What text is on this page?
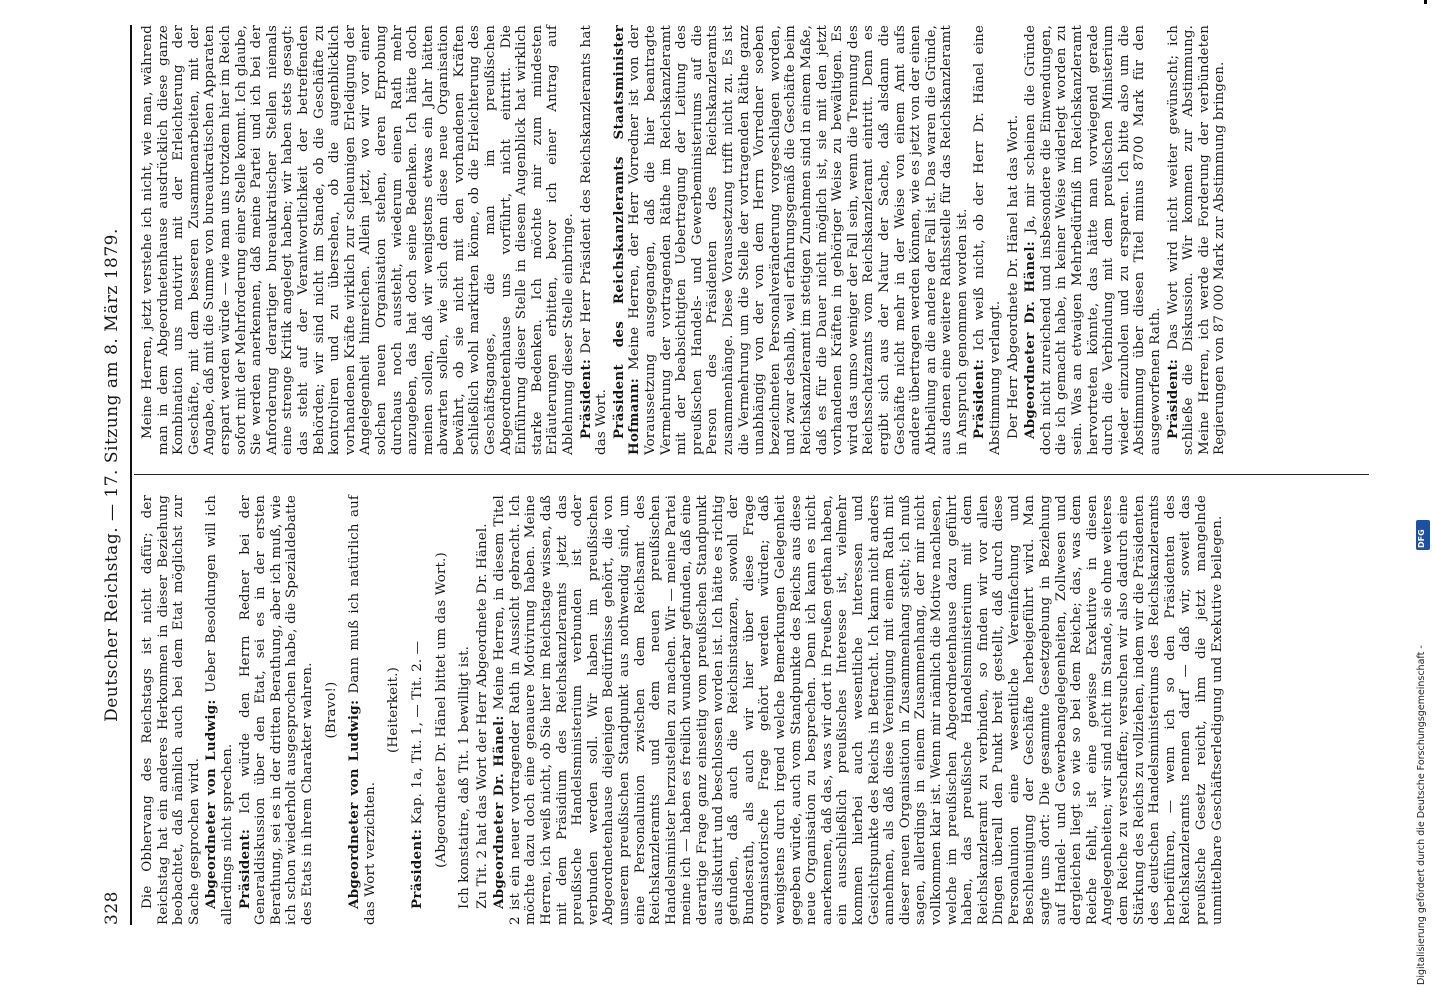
328
Deutscher Reichstag. — 17. Sitzung am 8. März 1879. Die Obhervang des Reichstags ist nicht dafür; der Reichstag hat ein anderes Herkommen in dieser Beziehung beobachtet, daß nämlich auch bei dem Etat möglichst zur Sache gesprochen wird. Abgeordneter von Ludwig: Ueber Besoldungen will ich allerdings nicht sprechen. Präsident: Ich würde den Herrn Redner bei der Generaldiskussion über den Etat, sei es in der ersten Berathung, sei es in der dritten Berathung, aber ich muß, wie ich schon wiederholt ausgesprochen habe, die Spezialdebatte des Etats in ihrem Charakter wahren. (Bravo!) Abgeordneter von Ludwig: Dann muß ich natürlich auf das Wort verzichten.

(Heiterkeit.)

Präsident: Kap. 1a, Tit. 1, — Tit. 2. — (Abgeordneter Dr. Hänel bittet um das Wort.) Ich konstatire, daß Tit. 1 bewilligt ist. Zu Tit. 2 hat das Wort der Herr Abgeordnete Dr. Hänel. Abgeordneter Dr. Hänel: Meine Herren, in diesem Titel 2 ist ein neuer vortragender Rath in Aussicht gebracht. Ich möchte dazu doch eine genauere Motivirung haben. Meine Herren, ich weiß nicht, ob Sie hier im Reichstage wissen, daß mit dem Präsidium des Reichskanzleramts jetzt das preußische Handelsministerium verbunden ist oder verbunden werden soll. Wir haben im preußischen Abgeordnetenhause diejenigen Bedürfnisse gehört, die von unserem preußischen Standpunkt aus nothwendig sind, um eine Personalunion zwischen dem Reichsamt des Reichskanzleramts und dem neuen preußischen Handelsminister herzustellen zu machen. Wir — meine Partei meine ich — haben es freilich wunderbar gefunden, daß eine derartige Frage ganz einseitig vom preußischen Standpunkt aus diskutirt und beschlossen worden ist. Ich hätte es richtig gefunden, daß auch die Reichsinstanzen, sowohl der Bundesrath, als auch wir hier über diese Frage organisatorische Frage gehört werden würden; daß wenigstens durch irgend welche Bemerkungen Gelegenheit gegeben würde, auch vom Standpunkte des Reichs aus diese neue Organisation zu besprechen. Denn ich kann es nicht anerkennen, daß das, was wir dort in Preußen gethan haben, ein ausschließlich preußisches Interesse ist, vielmehr kommen hierbei auch wesentliche Interessen und Gesichtspunkte des Reichs in Betracht. Ich kann nicht anders annehmen, als daß diese Vereinigung mit einem Rath mit dieser neuen Organisation in Zusammenhang steht; ich muß sagen, allerdings in einem Zusammenhang, der mir nicht vollkommen klar ist. Wenn mir nämlich die Motive nachlesen, welche im preußischen Abgeordnetenhause dazu geführt haben, das preußische Handelsministerium mit dem Reichskanzleramt zu verbinden, so finden wir vor allen Dingen überall den Punkt breit gestellt, daß durch diese Personalunion eine wesentliche Vereinfachung und Beschleunigung der Geschäfte herbeigeführt wird. Man sagte uns dort: Die gesammte Gesetzgebung in Beziehung auf Handel- und Gewerbeangelegenheiten, Zollwesen und dergleichen liegt so wie so bei dem Reiche; das, was dem Reiche fehlt, ist eine gewisse Exekutive in diesen Angelegenheiten; wir sind nicht im Stande, sie ohne weiteres dem Reiche zu verschaffen; versuchen wir also dadurch eine Stärkung des Reichs zu vollziehen, indem wir die Präsidenten des deutschen Handelsministeriums des Reichskanzleramts herbeiführen, — wenn ich so den Präsidenten des Reichskanzleramts nennen darf — daß wir, soweit das preußische Gesetz reicht, ihm die jetzt mangelnde unmittelbare Geschäftserledigung und Exekutive beilegen.

Meine Herren, jetzt verstehe ich nicht, wie man, während man in dem Abgeordnetenhause ausdrücklich diese ganze Kombination uns motivirt mit der Erleichterung der Geschäfte, mit dem besseren Zusammenarbeiten, mit der Angabe, daß mit die Summe von bureaukratischen Apparaten erspart werden würde — wie man uns trotzdem hier im Reich sofort mit der Mehrforderung einer Stelle kommt. Ich glaube, Sie werden anerkennen, daß meine Partei und ich bei der Anforderung derartiger bureaukratischer Stellen niemals eine strenge Kritik angelegt haben; wir haben stets gesagt: das steht auf der Verantwortlichkeit der betreffenden Behörden; wir sind nicht im Stande, ob die Geschäfte zu kontroliren und zu übersehen, ob die augenblicklich vorhandenen Kräfte wirklich zur schleunigen Erledigung der Angelegenheit hinreichen. Allein jetzt, wo wir vor einer solchen neuen Organisation stehen, deren Erprobung durchaus noch aussteht, wiederum einen Rath mehr anzugeben, das hat doch seine Bedenken. Ich hätte doch meinen sollen, daß wir wenigstens etwas ein Jahr hätten abwarten sollen, wie sich denn diese neue Organisation bewährt, ob sie nicht mit den vorhandenen Kräften schließlich wohl markirten könne, ob die Erleichterung des Geschäftsganges, die man im preußischen Abgeordnetenhause uns vorführt, nicht eintritt. Die Einführung dieser Stelle in diesem Augenblick hat wirklich starke Bedenken. Ich möchte mir zum mindesten Erläuterungen erbitten, bevor ich einer Antrag auf Ablehnung dieser Stelle einbringe. Präsident: Der Herr Präsident des Reichskanzleramts hat das Wort. Präsident des Reichskanzleramts Staatsminister Hofmann: Meine Herren, der Herr Vorredner ist von der Voraussetzung ausgegangen, daß die hier beantragte Vermehrung der vortragenden Räthe im Reichskanzleramt mit der beabsichtigten Uebertragung der Leitung des preußischen Handels- und Gewerbeministeriums auf die Person des Präsidenten des Reichskanzleramts zusammenhänge. Diese Voraussetzung trifft nicht zu. Es ist die Vermehrung um die Stelle der vortragenden Räthe ganz unabhängig von der von dem Herrn Vorredner soeben bezeichneten Personalveränderung vorgeschlagen worden, und zwar deshalb, weil erfahrungsgemäß die Geschäfte beim Reichskanzleramt im stetigen Zunehmen sind in einem Maße, daß es für die Dauer nicht möglich ist, sie mit den jetzt vorhandenen Kräften in gehöriger Weise zu bewältigen. Es wird das umso weniger der Fall sein, wenn die Trennung des Reichsschatzamts vom Reichskanzleramt eintritt. Denn es ergibt sich aus der Natur der Sache, daß alsdann die Geschäfte nicht mehr in der Weise von einem Amt aufs andere übertragen werden können, wie es jetzt von der einen Abtheilung an die andere der Fall ist. Das waren die Gründe, aus denen eine weitere Rathsstelle für das Reichskanzleramt in Anspruch genommen worden ist. Präsident: Ich weiß nicht, ob der Herr Dr. Hänel eine Abstimmung verlangt. Der Herr Abgeordnete Dr. Hänel hat das Wort. Abgeordneter Dr. Hänel: Ja, mir scheinen die Gründe doch nicht zureichend und insbesondere die Einwendungen, die ich gemacht habe, in keiner Weise widerlegt worden zu sein. Was an etwaigen Mehrbedürfniß im Reichskanzleramt hervortreten könnte, das hätte man vorwiegend gerade durch die Verbindung mit dem preußischen Ministerium wieder einzuholen und zu ersparen. Ich bitte also um die Abstimmung über diesen Titel minus 8700 Mark für den ausgeworfenen Rath. Präsident: Das Wort wird nicht weiter gewünscht; ich schließe die Diskussion. Wir kommen zur Abstimmung. Meine Herren, ich werde die Forderung der verbündeten Regierungen von 87 000 Mark zur Abstimmung bringen.

Digitalisierung gefördert durch die Deutsche Forschungsgemeinschaft -
DFG
